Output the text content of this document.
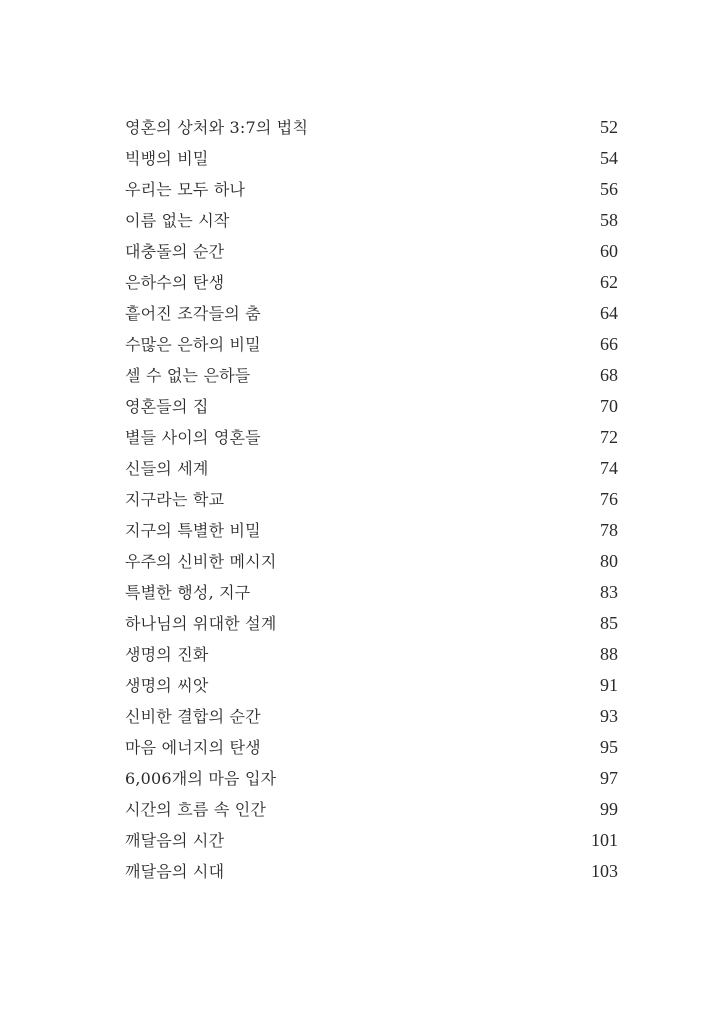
영혼의 상처와 3:7의 법칙	52
빅뱅의 비밀	54
우리는 모두 하나	56
이름 없는 시작	58
대충돌의 순간	60
은하수의 탄생	62
흩어진 조각들의 춤	64
수많은 은하의 비밀	66
셀 수 없는 은하들	68
영혼들의 집	70
별들 사이의 영혼들	72
신들의 세계	74
지구라는 학교	76
지구의 특별한 비밀	78
우주의 신비한 메시지	80
특별한 행성, 지구	83
하나님의 위대한 설계	85
생명의 진화	88
생명의 씨앗	91
신비한 결합의 순간	93
마음 에너지의 탄생	95
6,006개의 마음 입자	97
시간의 흐름 속 인간	99
깨달음의 시간	101
깨달음의 시대	103
